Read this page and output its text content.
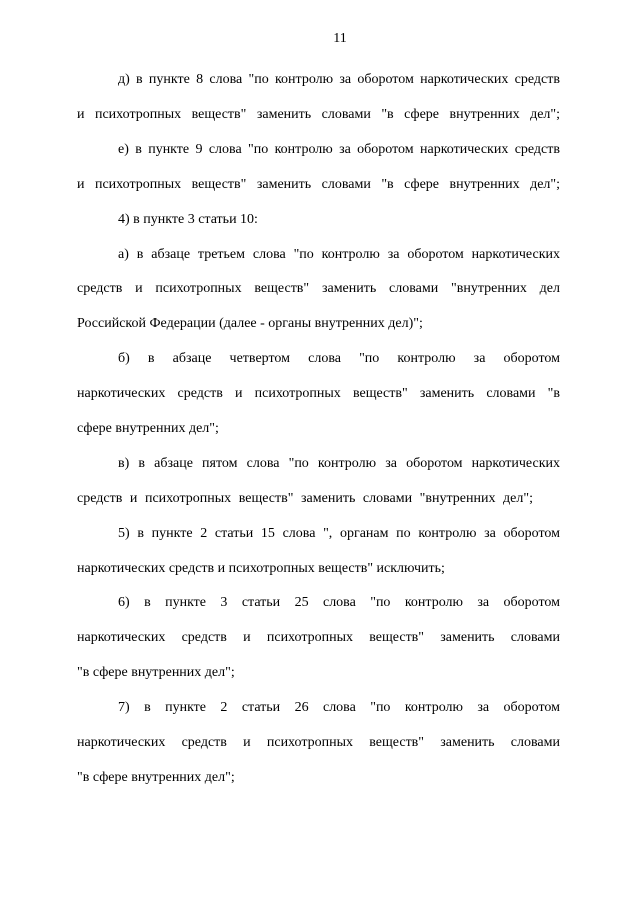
11
д) в пункте 8 слова "по контролю за оборотом наркотических средств
и психотропных веществ" заменить словами "в сфере внутренних дел";
е) в пункте 9 слова "по контролю за оборотом наркотических средств
и психотропных веществ" заменить словами "в сфере внутренних дел";
4) в пункте 3 статьи 10:
а) в абзаце третьем слова "по контролю за оборотом наркотических
средств и психотропных веществ" заменить словами "внутренних дел
Российской Федерации (далее - органы внутренних дел)";
б) в абзаце четвертом слова "по контролю за оборотом
наркотических средств и психотропных веществ" заменить словами "в
сфере внутренних дел";
в) в абзаце пятом слова "по контролю за оборотом наркотических
средств и психотропных веществ" заменить словами "внутренних дел";
5) в пункте 2 статьи 15 слова ", органам по контролю за оборотом
наркотических средств и психотропных веществ" исключить;
6) в пункте 3 статьи 25 слова "по контролю за оборотом
наркотических средств и психотропных веществ" заменить словами
"в сфере внутренних дел";
7) в пункте 2 статьи 26 слова "по контролю за оборотом
наркотических средств и психотропных веществ" заменить словами
"в сфере внутренних дел";
